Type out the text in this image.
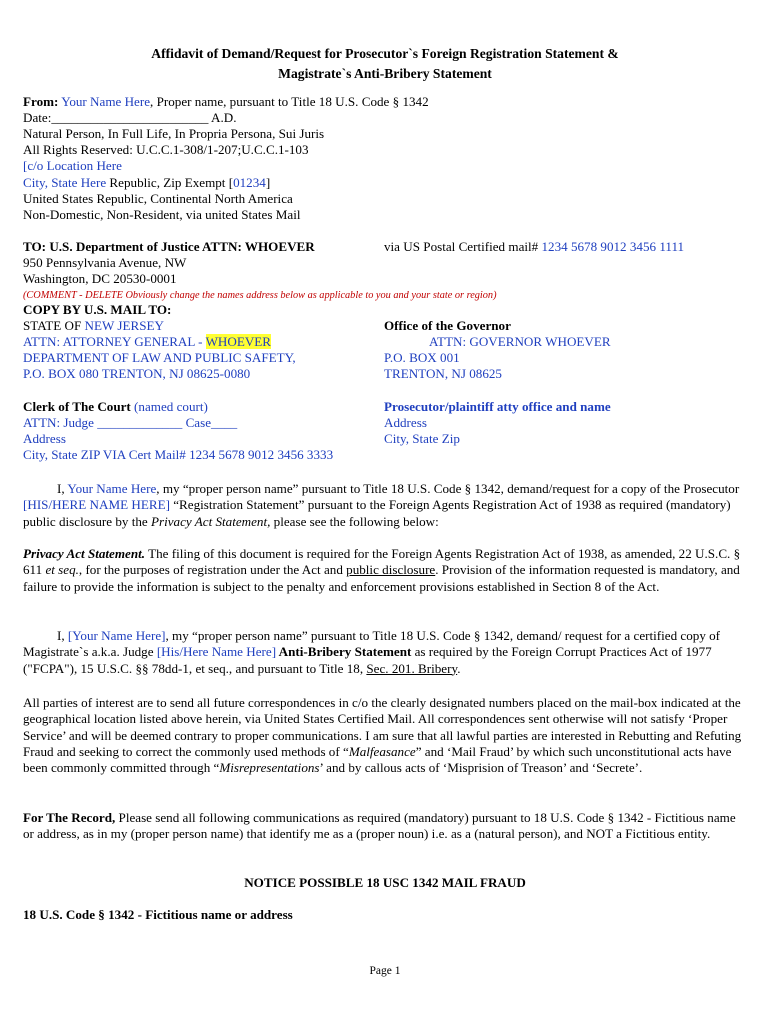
Affidavit of Demand/Request for Prosecutor`s Foreign Registration Statement &
Magistrate`s Anti-Bribery Statement
From: Your Name Here, Proper name, pursuant to Title 18 U.S. Code § 1342
Date:________________________ A.D.
Natural Person, In Full Life, In Propria Persona, Sui Juris
All Rights Reserved: U.C.C.1-308/1-207;U.C.C.1-103
[c/o Location Here
City, State Here Republic, Zip Exempt [01234]
United States Republic, Continental North America
Non-Domestic, Non-Resident, via united States Mail
TO: U.S. Department of Justice ATTN: WHOEVER	via US Postal Certified mail# 1234 5678 9012 3456 1111
950 Pennsylvania Avenue, NW
Washington, DC 20530-0001
(COMMENT - DELETE Obviously change the names address below as applicable to you and your state or region)
COPY BY U.S. MAIL TO:
STATE OF NEW JERSEY
ATTN: ATTORNEY GENERAL - WHOEVER
DEPARTMENT OF LAW AND PUBLIC SAFETY,
P.O. BOX 080 TRENTON, NJ 08625-0080
Office of the Governor
ATTN: GOVERNOR WHOEVER
P.O. BOX 001
TRENTON, NJ 08625
Clerk of The Court (named court)
ATTN: Judge _____________ Case____
Address
City, State ZIP VIA Cert Mail# 1234 5678 9012 3456 3333
Prosecutor/plaintiff atty office and name
Address
City, State Zip
I, Your Name Here, my “proper person name” pursuant to Title 18 U.S. Code § 1342, demand/request for a copy of the Prosecutor [HIS/HERE NAME HERE] “Registration Statement” pursuant to the Foreign Agents Registration Act of 1938 as required (mandatory) public disclosure by the Privacy Act Statement, please see the following below:
Privacy Act Statement. The filing of this document is required for the Foreign Agents Registration Act of 1938, as amended, 22 U.S.C. § 611 et seq., for the purposes of registration under the Act and public disclosure. Provision of the information requested is mandatory, and failure to provide the information is subject to the penalty and enforcement provisions established in Section 8 of the Act.
I, [Your Name Here], my “proper person name” pursuant to Title 18 U.S. Code § 1342, demand/ request for a certified copy of Magistrate`s a.k.a. Judge [His/Here Name Here] Anti-Bribery Statement as required by the Foreign Corrupt Practices Act of 1977 ("FCPA"), 15 U.S.C. §§ 78dd-1, et seq., and pursuant to Title 18, Sec. 201. Bribery.
All parties of interest are to send all future correspondences in c/o the clearly designated numbers placed on the mail-box indicated at the geographical location listed above herein, via United States Certified Mail. All correspondences sent otherwise will not satisfy ‘Proper Service’ and will be deemed contrary to proper communications. I am sure that all lawful parties are interested in Rebutting and Refuting Fraud and seeking to correct the commonly used methods of “Malfeasance” and ‘Mail Fraud’ by which such unconstitutional acts have been commonly committed through “Misrepresentations’ and by callous acts of ‘Misprision of Treason’ and ‘Secrete’.
For The Record, Please send all following communications as required (mandatory) pursuant to 18 U.S. Code § 1342 - Fictitious name or address, as in my (proper person name) that identify me as a (proper noun) i.e. as a (natural person), and NOT a Fictitious entity.
NOTICE POSSIBLE 18 USC 1342 MAIL FRAUD
18 U.S. Code § 1342 - Fictitious name or address
Page 1
